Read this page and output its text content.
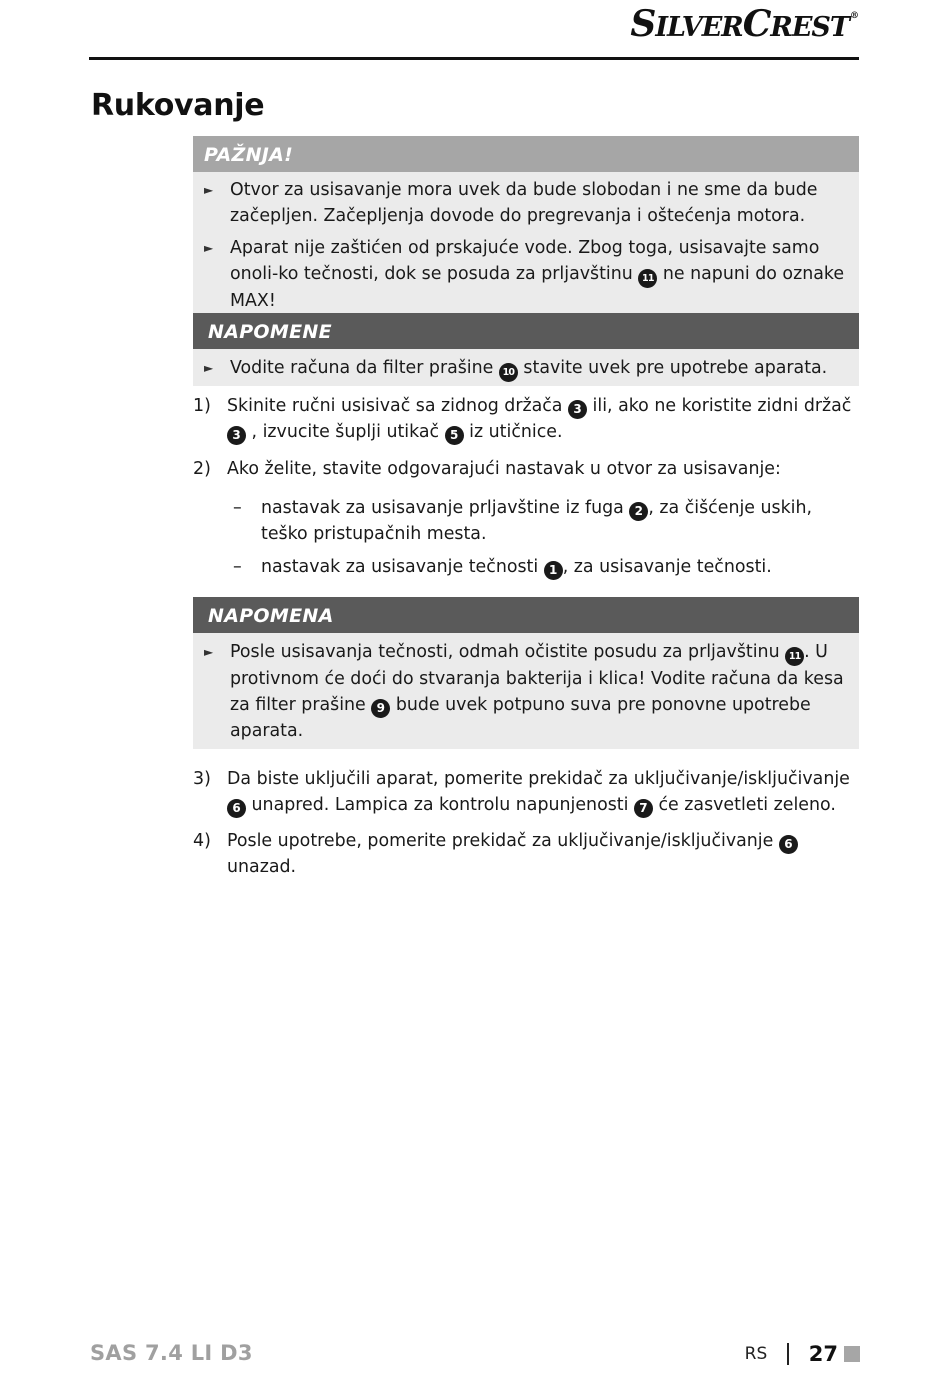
SILVERCREST®
Rukovanje
PAŽNJA!
► Otvor za usisavanje mora uvek da bude slobodan i ne sme da bude začepljen. Začepljenja dovode do pregrevanja i oštećenja motora.
► Aparat nije zaštićen od prskajuće vode. Zbog toga, usisavajte samo onoli-ko tečnosti, dok se posuda za prljavštinu 11 ne napuni do oznake MAX!
NAPOMENE
► Vodite računa da filter prašine 10 stavite uvek pre upotrebe aparata.
1) Skinite ručni usisivač sa zidnog držača 3 ili, ako ne koristite zidni držač 3 , izvucite šuplji utikač 5 iz utičnice.
2) Ako želite, stavite odgovarajući nastavak u otvor za usisavanje:
–	nastavak za usisavanje prljavštine iz fuga 2 , za čišćenje uskih, teško pristupačnih mesta.
–	nastavak za usisavanje tečnosti 1 , za usisavanje tečnosti.
NAPOMENA
► Posle usisavanja tečnosti, odmah očistite posudu za prljavštinu 11 . U protivnom će doći do stvaranja bakterija i klica! Vodite računa da kesa za filter prašine 9 bude uvek potpuno suva pre ponovne upotrebe aparata.
3) Da biste uključili aparat, pomerite prekidač za uključivanje/isključivanje 6 unapred. Lampica za kontrolu napunjenosti 7 će zasvetleti zeleno.
4) Posle upotrebe, pomerite prekidač za uključivanje/isključivanje 6 unazad.
SAS 7.4 LI D3	RS 27
